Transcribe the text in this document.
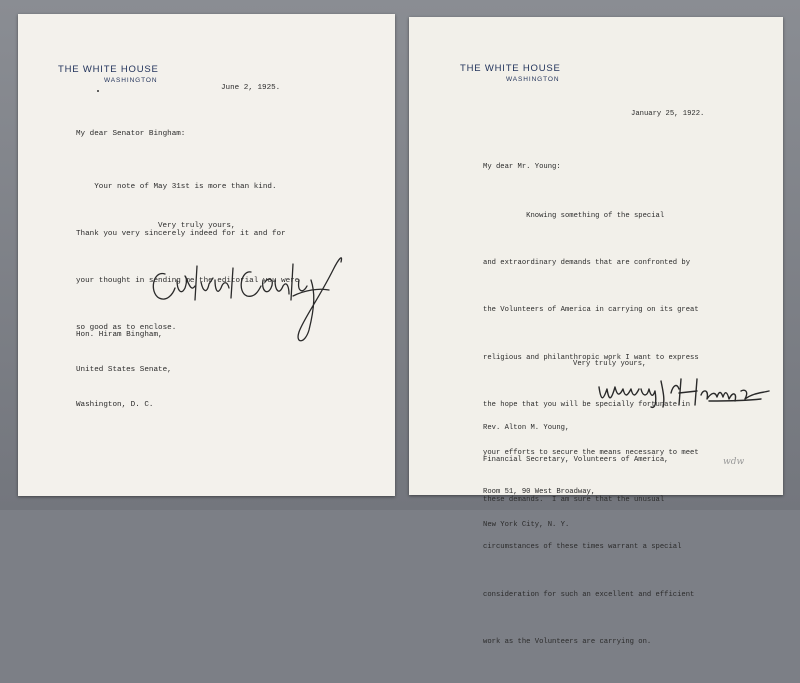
THE WHITE HOUSE
WASHINGTON
June 2, 1925.
My dear Senator Bingham:

Your note of May 31st is more than kind.

Thank you very sincerely indeed for it and for

your thought in sending me the editorial you were

so good as to enclose.

Very truly yours,

Hon. Hiram Bingham,

United States Senate,

Washington, D. C.

THE WHITE HOUSE
WASHINGTON
January 25, 1922.
My dear Mr. Young:

Knowing something of the special

and extraordinary demands that are confronted by

the Volunteers of America in carrying on its great

religious and philanthropic work I want to express

the hope that you will be specially fortunate in

your efforts to secure the means necessary to meet

these demands.  I am sure that the unusual

circumstances of these times warrant a special

consideration for such an excellent and efficient

work as the Volunteers are carrying on.

Very truly yours,

Rev. Alton M. Young,

Financial Secretary, Volunteers of America,

Room 51, 90 West Broadway,

New York City, N. Y.

wdw
